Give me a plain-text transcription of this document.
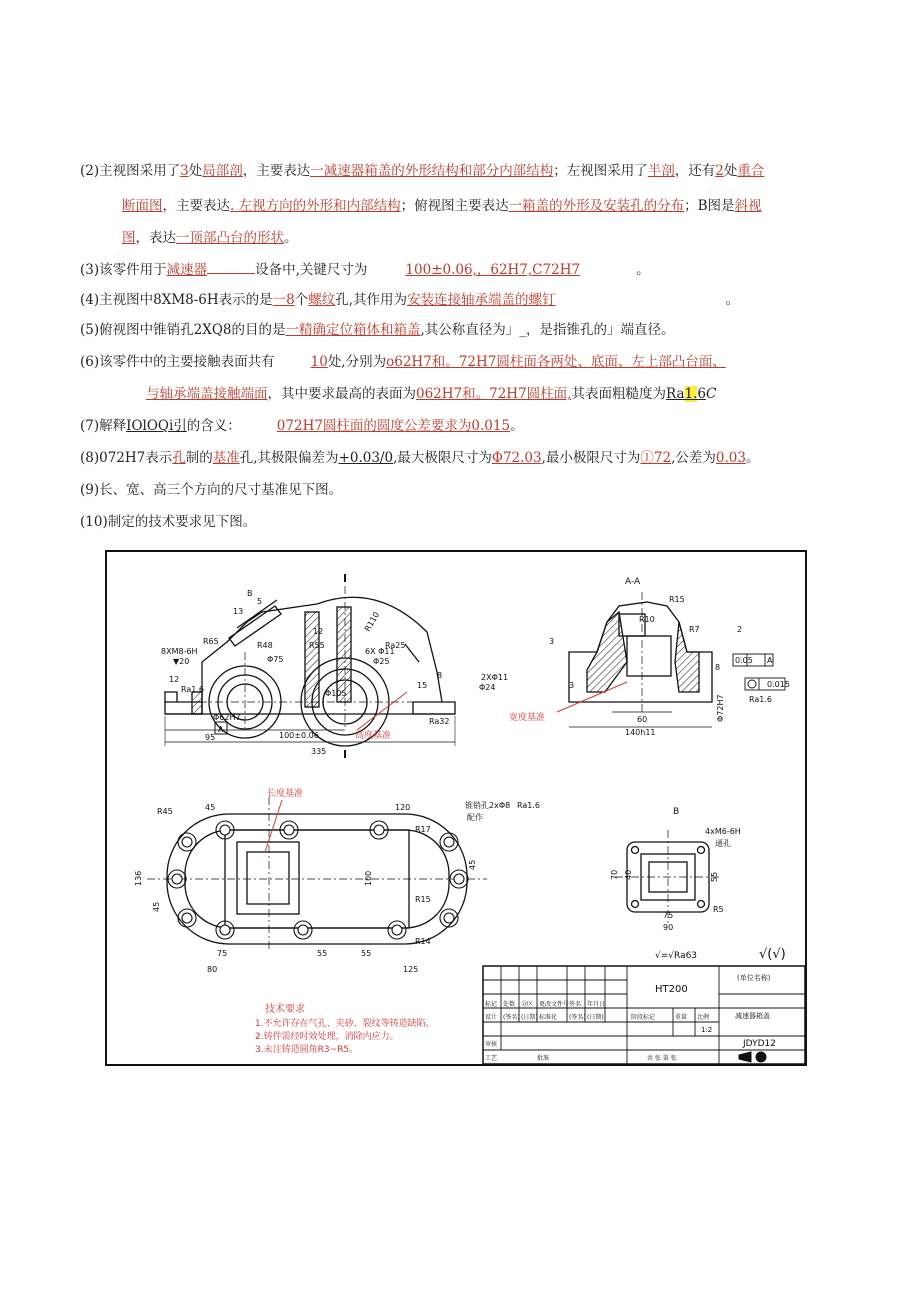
(2)主视图采用了3处局部剖，主要表达一减速器箱盖的外形结构和部分内部结构；左视图采用了半剖，还有2处重合
断面图，主要表达. 左视方向的外形和内部结构；俯视图主要表达一箱盖的外形及安装孔的分布；B图是斜视
图，表达一顶部凸台的形状。
(3)该零件用于减速器	设备中,关键尺寸为	100±0.06,，62H7,C72H7	。
(4)主视图中8XM8-6H表示的是一8个螺纹孔,其作用为安装连接轴承端盖的螺钉	。
(5)俯视图中锥销孔2XQ8的目的是一精确定位箱体和箱盖,其公称直径为」_，是指锥孔的」端直径。
(6)该零件中的主要接触表面共有	10处,分别为o62H7和。72H7圆柱面各两处、底面、左上部凸台面、
与轴承端盖接触端面，其中要求最高的表面为062H7和。72H7圆柱面,其表面粗糙度为Ra1.6C
(7)解释IOlOQi引的含义：	072H7圆柱面的圆度公差要求为0.015。
(8)072H7表示孔制的基准孔,其极限偏差为+0.03/0,最大极限尺寸为Φ72.03,最小极限尺寸为①72,公差为0.03。
(9)长、宽、高三个方向的尺寸基准见下图。
(10)制定的技术要求见下图。
B
13
5
R65	R48	R55
12	R110
8XM8-6H
▼20	Φ75
6X Φ11
Φ25
Ra25
2XΦ11
Φ24
Φ105
Φ62H7
A
Ra32
15
8
95	100±0.06
335
12
Ra1.6
高度基准
R15
R10
R7
3
8
2
3
60
140h11
Φ72H7	Ra1.6
0.05 A
0.015
A-A
B
宽度基准
R45	45	120	锥销孔2xΦ8 Ra1.6
配作
R17
136
45
100
45
R15
R14
75	55	55
80	125
长度基准
4xM6-6H
通孔
70 40	55
75
90
R5
√=√Ra63	√(√)
技术要求
1.不允许存在气孔、夹砂、裂纹等铸造缺陷。
2.铸件需经时效处理，消除内应力。
3.未注铸造圆角R3~R5。
HT200
(单位名称)
减速器箱盖
JDYD12
1:2
标记 处数 分区 更改文件号 签名 年月日
设计 (签名) (日期) 标准化 (签名) (日期)	阶段标记	重量 比例
审核
工艺	批准	共 张 第 张
